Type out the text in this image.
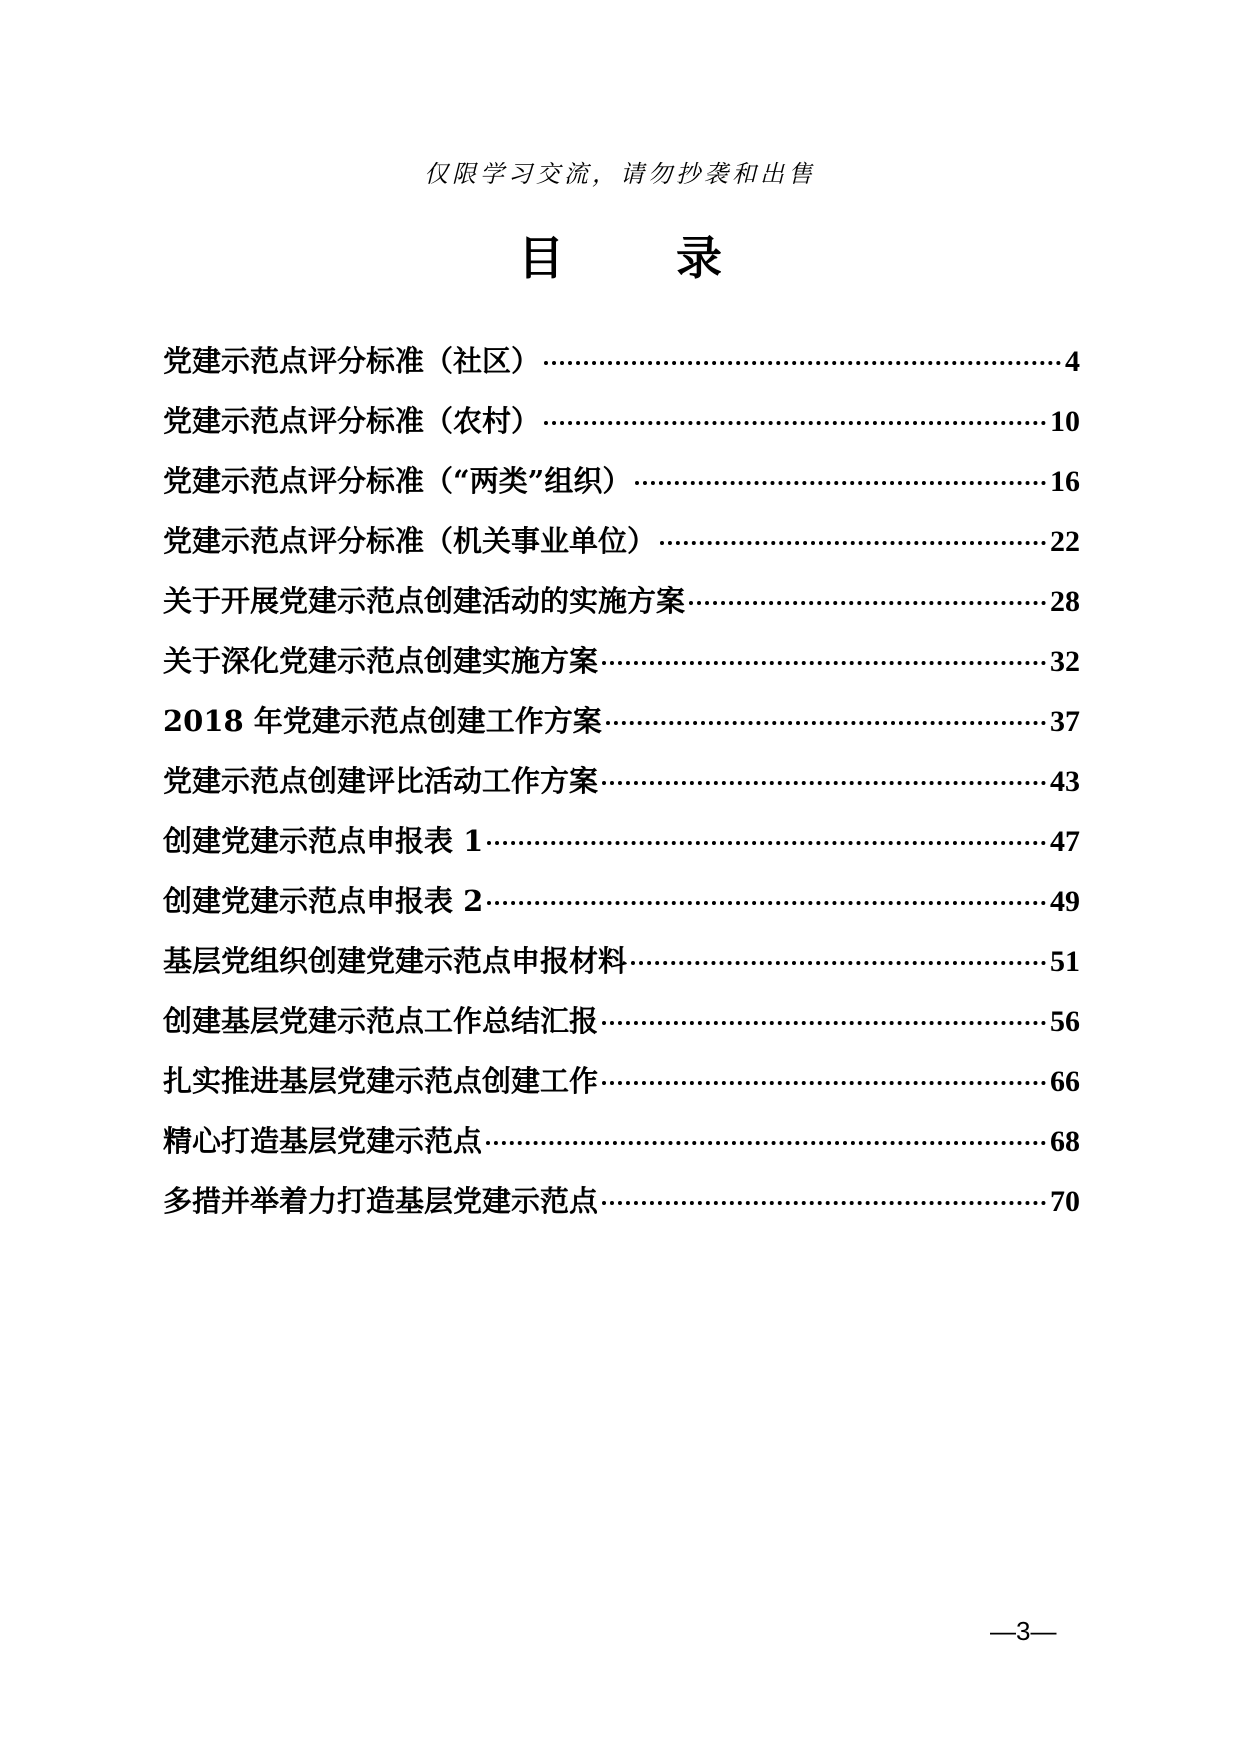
仅限学习交流，请勿抄袭和出售
目 录
党建示范点评分标准（社区）	4
党建示范点评分标准（农村）	10
党建示范点评分标准（“两类”组织）	16
党建示范点评分标准（机关事业单位）	22
关于开展党建示范点创建活动的实施方案	28
关于深化党建示范点创建实施方案	32
2018 年党建示范点创建工作方案	37
党建示范点创建评比活动工作方案	43
创建党建示范点申报表 1	47
创建党建示范点申报表 2	49
基层党组织创建党建示范点申报材料	51
创建基层党建示范点工作总结汇报	56
扎实推进基层党建示范点创建工作	66
精心打造基层党建示范点	68
多措并举着力打造基层党建示范点	70
—3—
